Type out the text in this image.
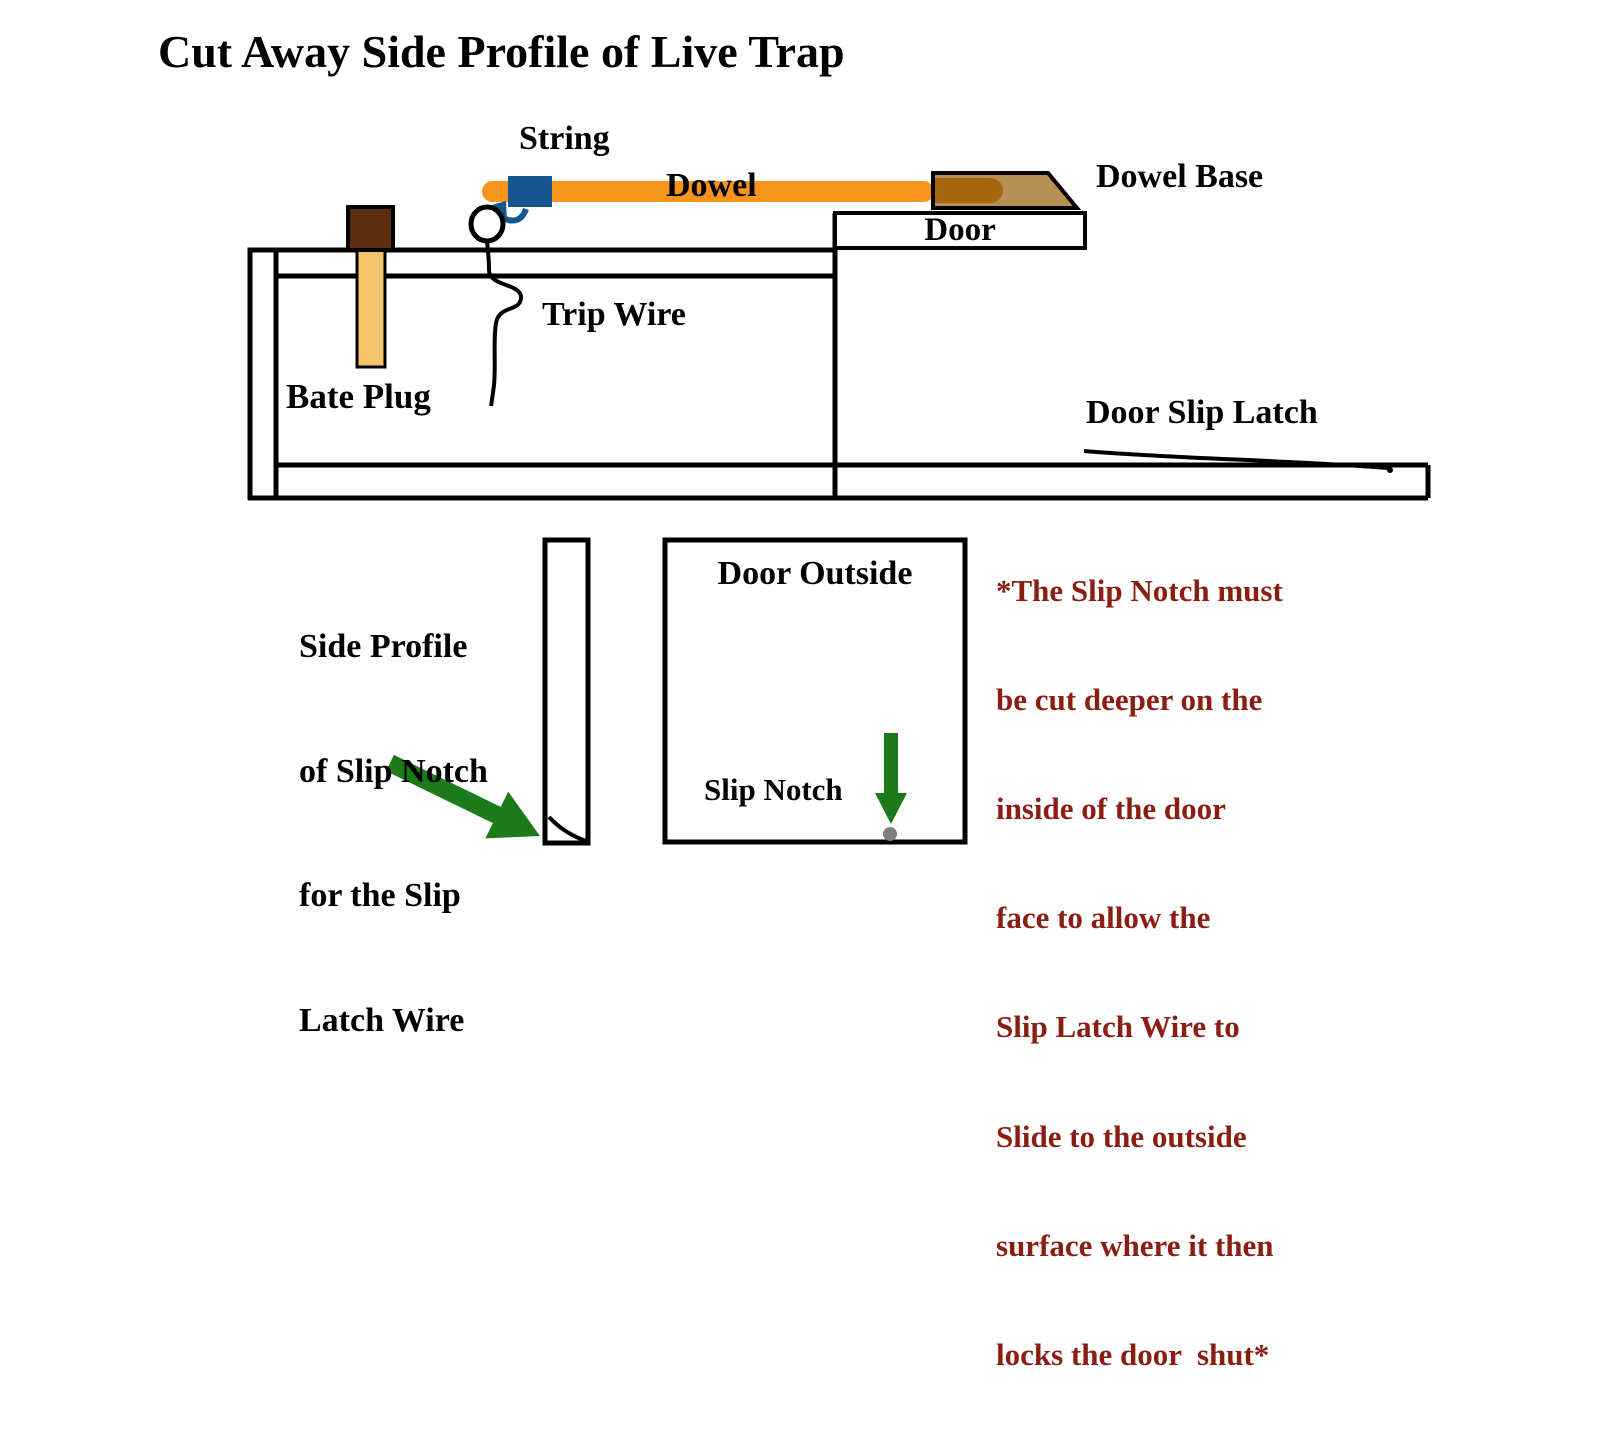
Cut Away Side Profile of Live Trap
String
Dowel	Dowel Base
Door
Bate Plug
Trip Wire
Door Slip Latch

Side Profile

of Slip Notch

for the Slip

Latch Wire

Door Outside
Slip Notch

*The Slip Notch must

be cut deeper on the

inside of the door

face to allow the

Slip Latch Wire to

Slide to the outside

surface where it then

locks the door  shut*
